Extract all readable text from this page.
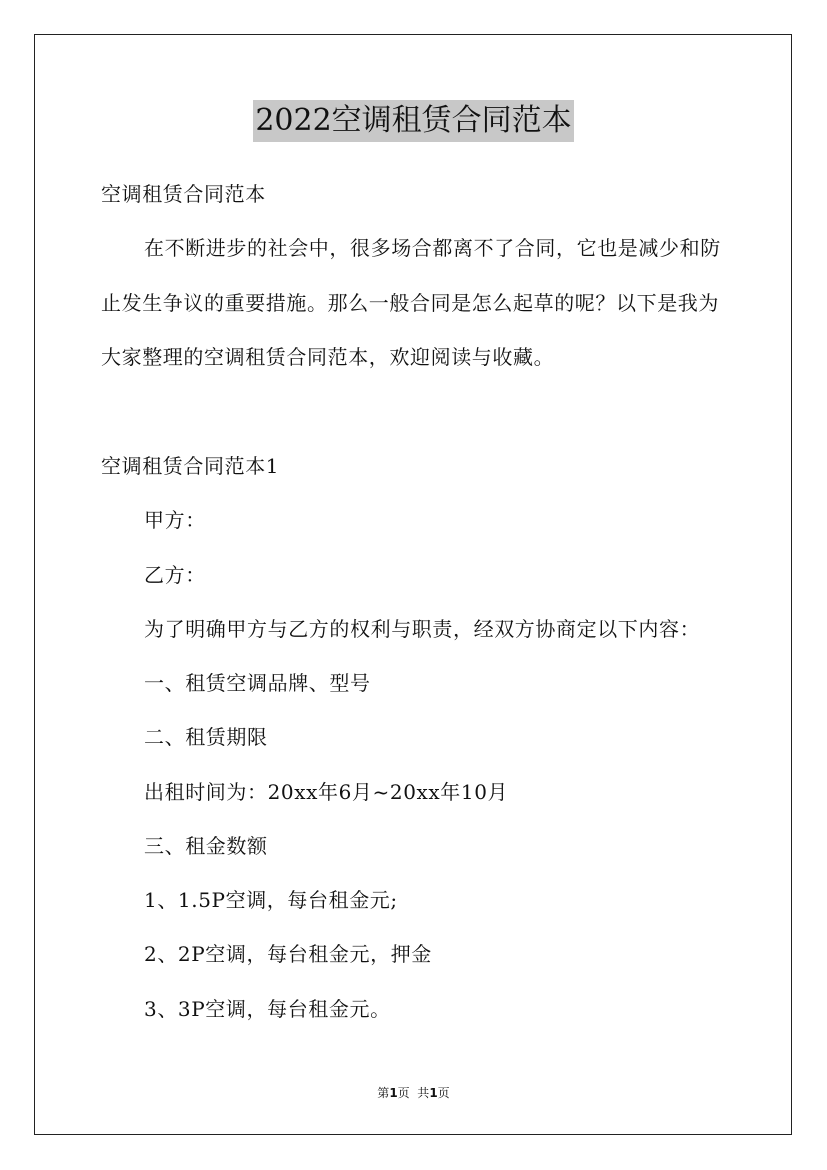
2022空调租赁合同范本
空调租赁合同范本
在不断进步的社会中，很多场合都离不了合同，它也是减少和防
止发生争议的重要措施。那么一般合同是怎么起草的呢？以下是我为
大家整理的空调租赁合同范本，欢迎阅读与收藏。
空调租赁合同范本1
甲方：
乙方：
为了明确甲方与乙方的权利与职责，经双方协商定以下内容：
一、租赁空调品牌、型号
二、租赁期限
出租时间为：20xx年6月~20xx年10月
三、租金数额
1、1.5P空调，每台租金元;
2、2P空调，每台租金元，押金
3、3P空调，每台租金元。
第1页  共1页
